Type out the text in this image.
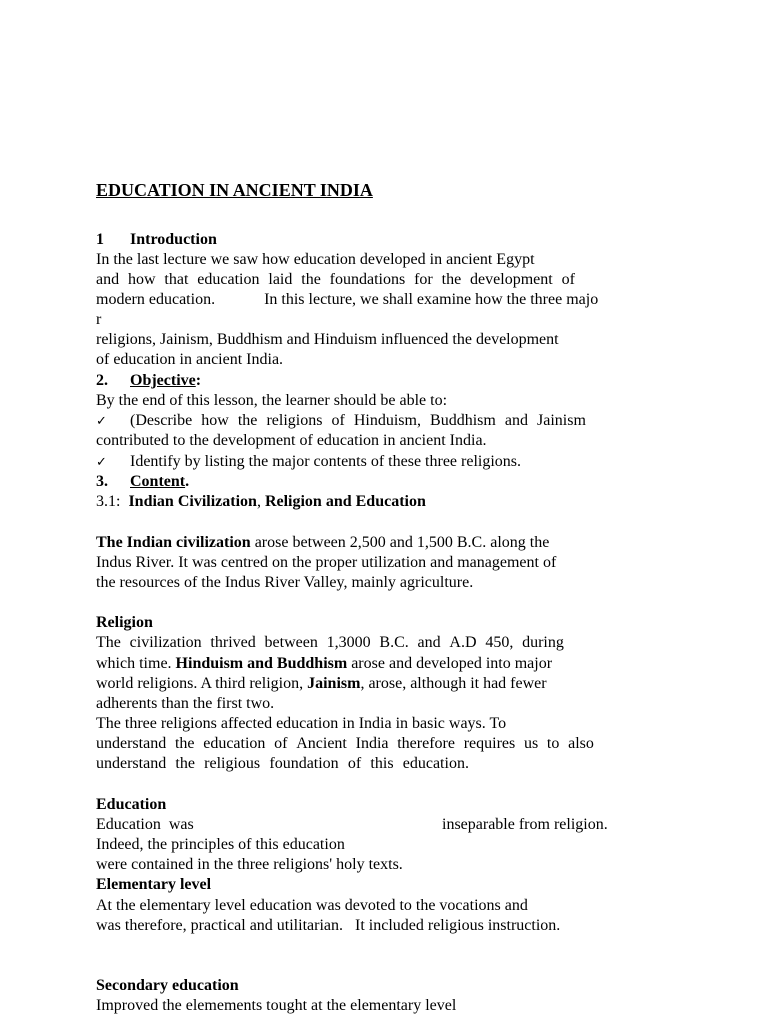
EDUCATION IN ANCIENT INDIA

1 Introduction

In the last lecture we saw how education developed in ancient Egypt

and how that education laid the foundations for the development of

modern education.	In this lecture, we shall examine how the three majo

r

religions, Jainism, Buddhism and Hinduism influenced the development

of education in ancient India.

2. Objective:

By the end of this lesson, the learner should be able to:

✓ (Describe how the religions of Hinduism, Buddhism and Jainism

contributed to the development of education in ancient India.

✓ Identify by listing the major contents of these three religions.

3. Content.

3.1: Indian Civilization, Religion and Education

The Indian civilization arose between 2,500 and 1,500 B.C. along the

Indus River. It was centred on the proper utilization and management of

the resources of the Indus River Valley, mainly agriculture.

Religion

The civilization thrived between 1,3000 B.C. and A.D 450, during

which time. Hinduism and Buddhism arose and developed into major

world religions. A third religion, Jainism, arose, although it had fewer

adherents than the first two.

The three religions affected education in India in basic ways. To

understand the education of Ancient India therefore requires us to also

understand the religious foundation of this education.

Education

Education  was	inseparable from religion.

Indeed, the principles of this education

were contained in the three religions' holy texts.

Elementary level

At the elementary level education was devoted to the vocations and

was therefore, practical and utilitarian.   It included religious instruction.

Secondary education

Improved the elemements tought at the elementary level
